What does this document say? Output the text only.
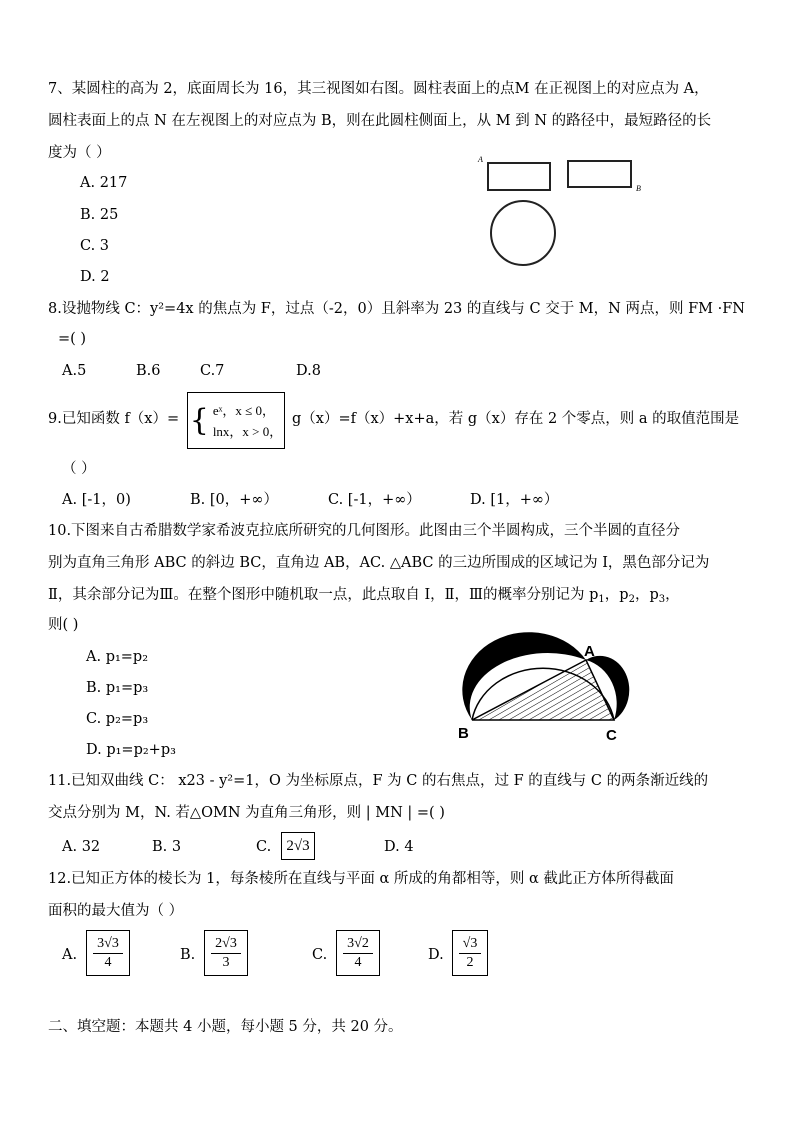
7、某圆柱的高为 2，底面周长为 16，其三视图如右图。圆柱表面上的点M 在正视图上的对应点为 A，
圆柱表面上的点 N 在左视图上的对应点为 B，则在此圆柱侧面上，从 M 到 N 的路径中，最短路径的长
度为（ ）
A. 217
B. 25
C. 3
D. 2
A
B
8.设抛物线 C：y²=4x 的焦点为 F，过点（-2，0）且斜率为 23 的直线与 C 交于 M，N 两点，则 FM ·FN
=( )
A.5	B.6	C.7	D.8
9.已知函数 f（x）= { eˣ，x ≤ 0，
lnx，x > 0，
g（x）=f（x）+x+a，若 g（x）存在 2 个零点，则 a 的取值范围是
（ ）
A. [-1，0)	B. [0，+∞）	C. [-1，+∞）	D. [1，+∞）
10.下图来自古希腊数学家希波克拉底所研究的几何图形。此图由三个半圆构成，三个半圆的直径分
别为直角三角形 ABC 的斜边 BC，直角边 AB，AC. △ABC 的三边所围成的区域记为 I，黑色部分记为
Ⅱ，其余部分记为Ⅲ。在整个图形中随机取一点，此点取自 I，Ⅱ，Ⅲ的概率分别记为 $p_1$，$p_2$，$p_3$，
则( )
A. p₁=p₂
B. p₁=p₃
C. p₂=p₃
D. p₁=p₂+p₃
A
B	C
11.已知双曲线 C： x23 - y²=1，O 为坐标原点，F 为 C 的右焦点，过 F 的直线与 C 的两条渐近线的
交点分别为 M，N. 若△OMN 为直角三角形，则 | MN | =( )
A. 32	B. 3	C.	2√3	D. 4
12.已知正方体的棱长为 1，每条棱所在直线与平面 α 所成的角都相等，则 α 截此正方体所得截面
面积的最大值为（ ）
A.
3√3
4	B.
2√3
3	C.
3√2
4	D.
√3
2
二、填空题：本题共 4 小题，每小题 5 分，共 20 分。
